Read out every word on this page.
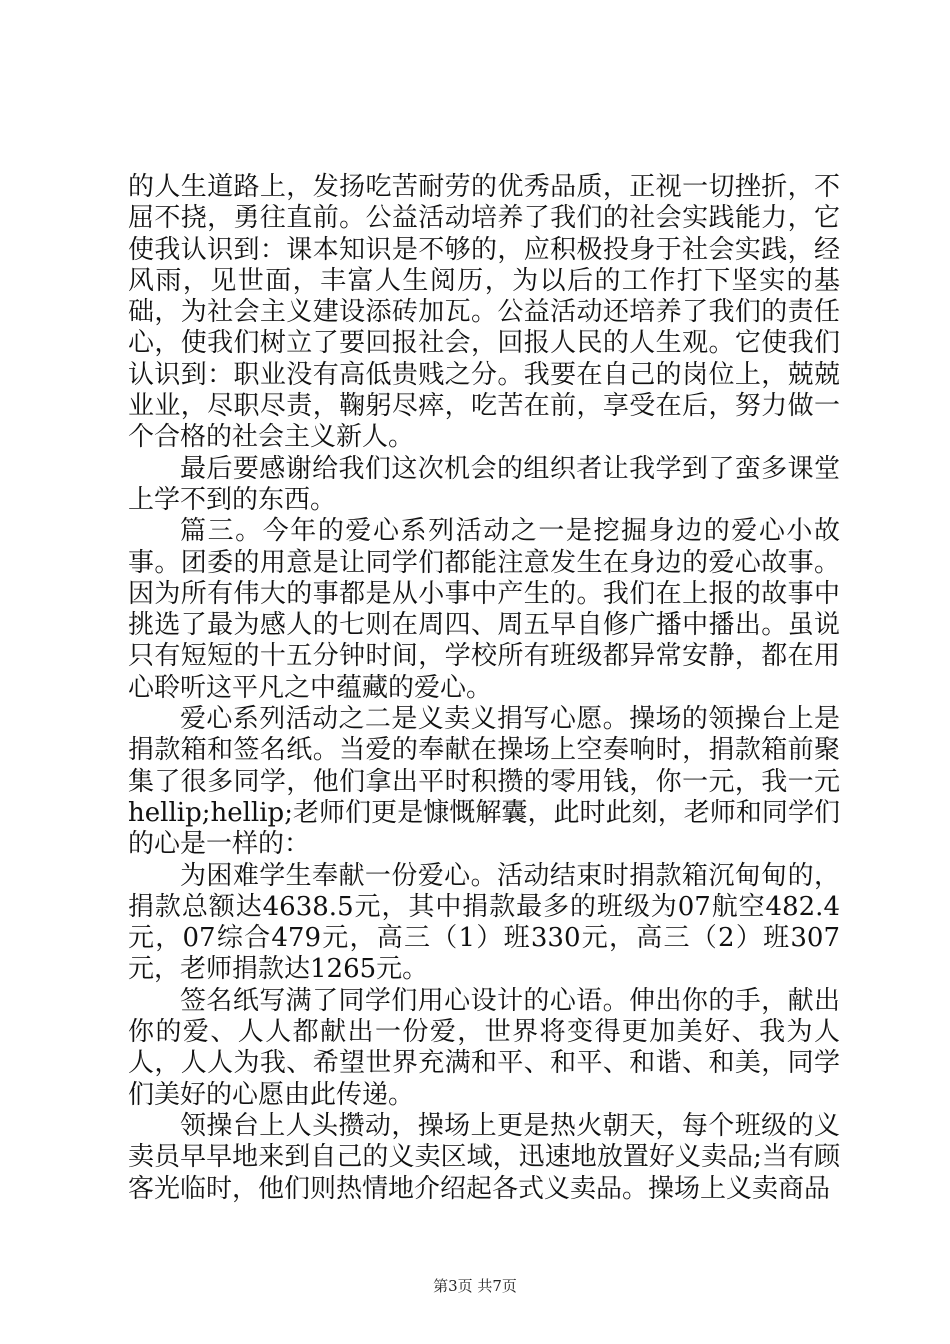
的人生道路上，发扬吃苦耐劳的优秀品质，正视一切挫折，不屈不挠，勇往直前。公益活动培养了我们的社会实践能力，它使我认识到：课本知识是不够的，应积极投身于社会实践，经风雨，见世面，丰富人生阅历，为以后的工作打下坚实的基础，为社会主义建设添砖加瓦。公益活动还培养了我们的责任心，使我们树立了要回报社会，回报人民的人生观。它使我们认识到：职业没有高低贵贱之分。我要在自己的岗位上，兢兢业业，尽职尽责，鞠躬尽瘁，吃苦在前，享受在后，努力做一个合格的社会主义新人。

最后要感谢给我们这次机会的组织者让我学到了蛮多课堂上学不到的东西。

篇三。今年的爱心系列活动之一是挖掘身边的爱心小故事。团委的用意是让同学们都能注意发生在身边的爱心故事。因为所有伟大的事都是从小事中产生的。我们在上报的故事中挑选了最为感人的七则在周四、周五早自修广播中播出。虽说只有短短的十五分钟时间，学校所有班级都异常安静，都在用心聆听这平凡之中蕴藏的爱心。

爱心系列活动之二是义卖义捐写心愿。操场的领操台上是捐款箱和签名纸。当爱的奉献在操场上空奏响时，捐款箱前聚集了很多同学，他们拿出平时积攒的零用钱，你一元，我一元hellip;hellip;老师们更是慷慨解囊，此时此刻，老师和同学们的心是一样的：

为困难学生奉献一份爱心。活动结束时捐款箱沉甸甸的，捐款总额达4638.5元，其中捐款最多的班级为07航空482.4元，07综合479元，高三（1）班330元，高三（2）班307元，老师捐款达1265元。

签名纸写满了同学们用心设计的心语。伸出你的手，献出你的爱、人人都献出一份爱，世界将变得更加美好、我为人人，人人为我、希望世界充满和平、和平、和谐、和美，同学们美好的心愿由此传递。

领操台上人头攒动，操场上更是热火朝天，每个班级的义卖员早早地来到自己的义卖区域，迅速地放置好义卖品;当有顾客光临时，他们则热情地介绍起各式义卖品。操场上义卖商品

第3页 共7页
